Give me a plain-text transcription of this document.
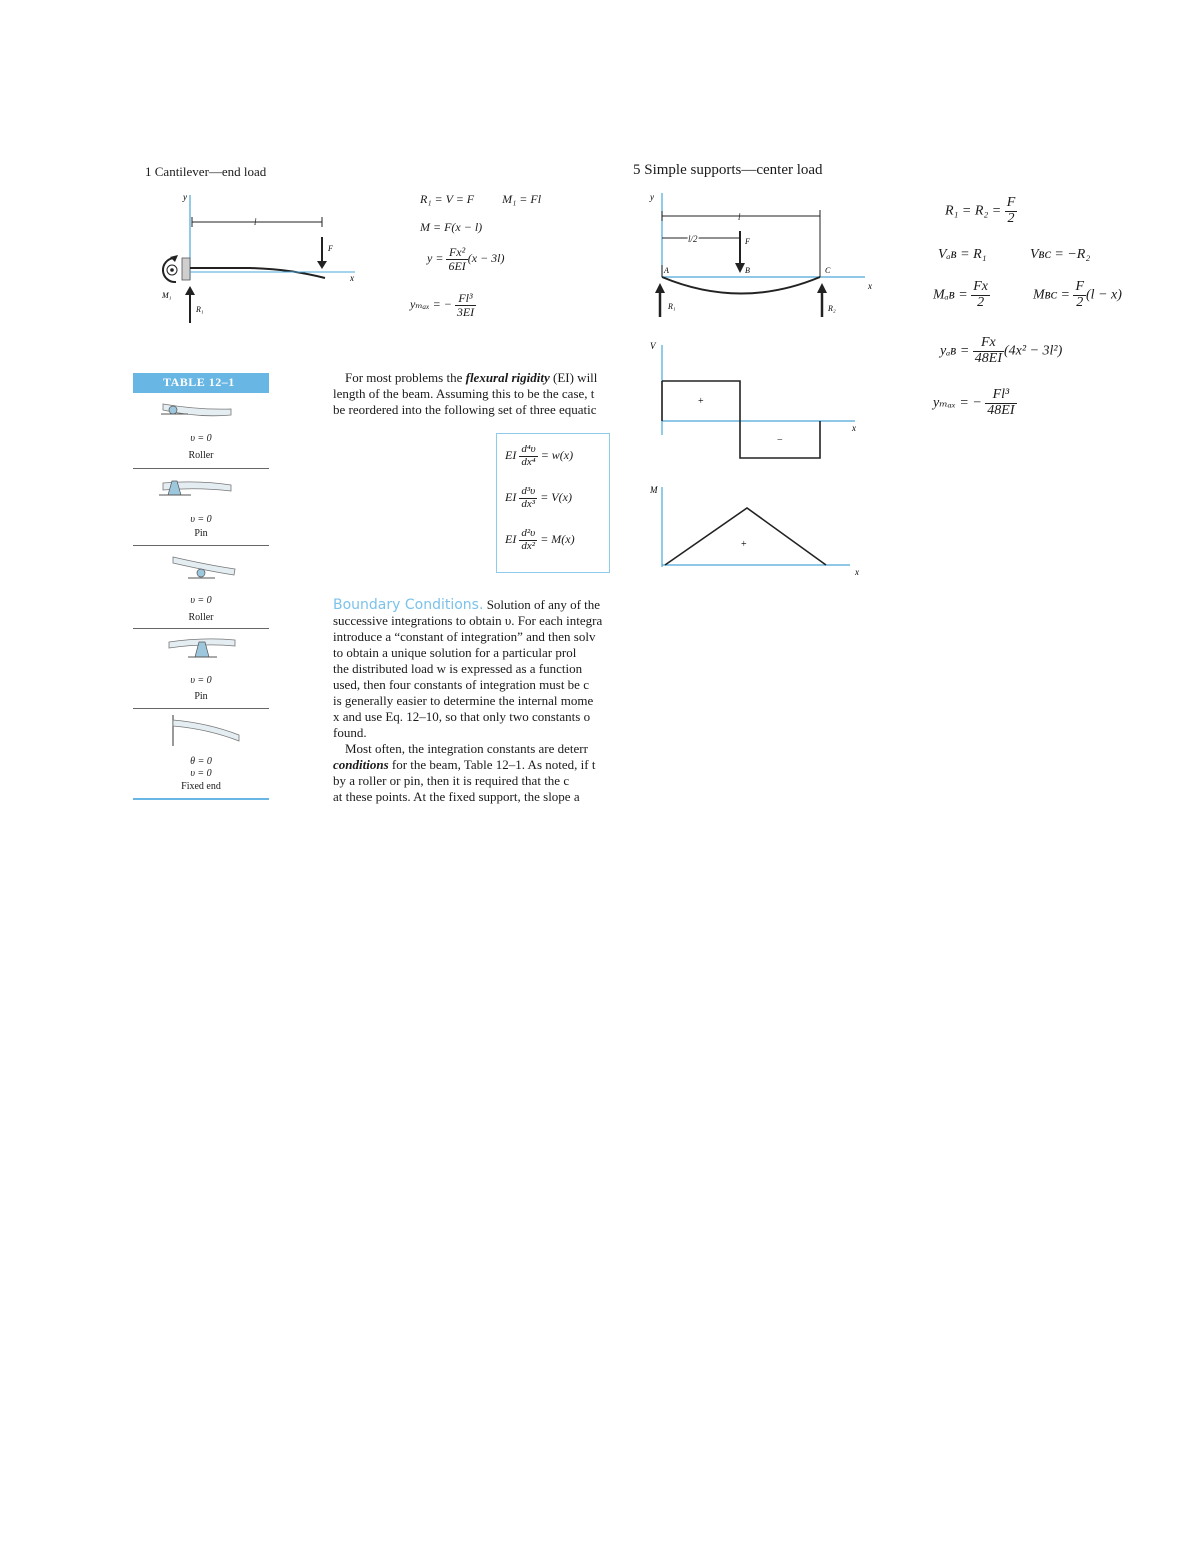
1 Cantilever—end load
y
x
l
F
M₁
R₁
R₁ = V = F M₁ = Fl
M = F(x − l)
$y = \frac{\text{Fx²}}{6EI} (x - 3l)$
yₘₐₓ = − $\frac{\text{Fl³}}{3EI}$
5 Simple supports—center load
y
x
l
l/2	F
A	B	C
R₁	R₂
V
x
+
−
M
x
+
$R_1 = R_2 = \frac{F}{2}$
Vₐʙ = R₁	Vʙᴄ = −R₂
Mₐʙ = $\frac{Fx}{2}$	Mʙᴄ = $\frac{F}{2} (l - x)$
yₐʙ = $\frac{Fx}{48EI} (4x^2 - 3l^2)$
yₘₐₓ = − $\frac{\text{Fl³}}{48EI}$
TABLE 12–1
υ = 0
Roller
υ = 0
Pin
υ = 0
Roller
υ = 0
Pin
θ = 0
υ = 0
Fixed end
For most problems the flexural rigidity (EI) will
length of the beam. Assuming this to be the case, t
be reordered into the following set of three equatic
EI $\frac{\text{d⁴υ}}{\text{dx⁴}} = w(x)$
EI $\frac{\text{d³υ}}{\text{dx³}} = V(x)$
EI $\frac{\text{d²υ}}{\text{dx²}} = M(x)$
Boundary Conditions. Solution of any of the
successive integrations to obtain υ. For each integra
introduce a “constant of integration” and then solv
to obtain a unique solution for a particular prol
the distributed load w is expressed as a function
used, then four constants of integration must be c
is generally easier to determine the internal mome
x and use Eq. 12–10, so that only two constants o
found.
Most often, the integration constants are deterr
conditions for the beam, Table 12–1. As noted, if t
by a roller or pin, then it is required that the c
at these points. At the fixed support, the slope a
